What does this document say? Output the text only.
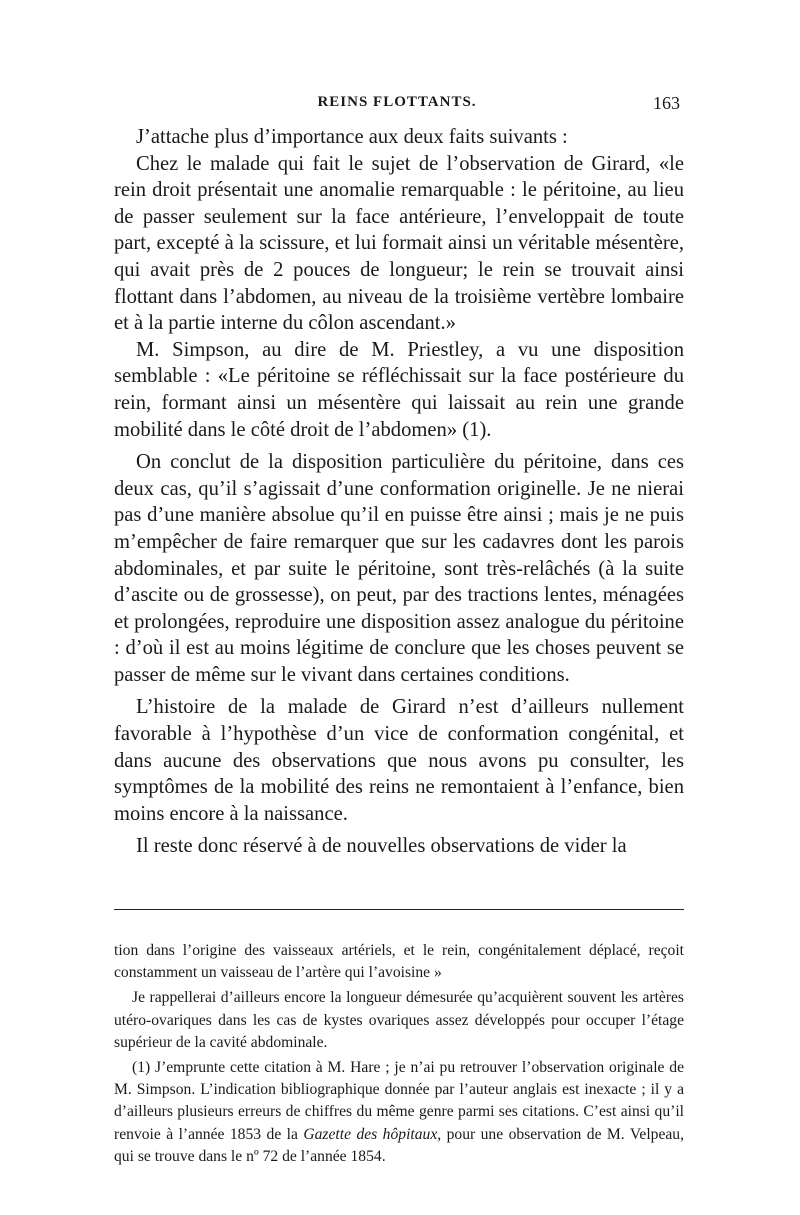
REINS FLOTTANTS.	163

J’attache plus d’importance aux deux faits suivants :

Chez le malade qui fait le sujet de l’observation de Girard, «le rein droit présentait une anomalie remarquable : le péritoine, au lieu de passer seulement sur la face antérieure, l’enveloppait de toute part, excepté à la scissure, et lui formait ainsi un véritable mésentère, qui avait près de 2 pouces de longueur; le rein se trouvait ainsi flottant dans l’abdomen, au niveau de la troisième vertèbre lombaire et à la partie interne du côlon ascendant.»

M. Simpson, au dire de M. Priestley, a vu une disposition semblable : «Le péritoine se réfléchissait sur la face postérieure du rein, formant ainsi un mésentère qui laissait au rein une grande mobilité dans le côté droit de l’abdomen» (1).

On conclut de la disposition particulière du péritoine, dans ces deux cas, qu’il s’agissait d’une conformation originelle. Je ne nierai pas d’une manière absolue qu’il en puisse être ainsi ; mais je ne puis m’empêcher de faire remarquer que sur les cadavres dont les parois abdominales, et par suite le péritoine, sont très-relâchés (à la suite d’ascite ou de grossesse), on peut, par des tractions lentes, ménagées et prolongées, reproduire une disposition assez analogue du péritoine : d’où il est au moins légitime de conclure que les choses peuvent se passer de même sur le vivant dans certaines conditions.

L’histoire de la malade de Girard n’est d’ailleurs nullement favorable à l’hypothèse d’un vice de conformation congénital, et dans aucune des observations que nous avons pu consulter, les symptômes de la mobilité des reins ne remontaient à l’enfance, bien moins encore à la naissance.

Il reste donc réservé à de nouvelles observations de vider la

tion dans l’origine des vaisseaux artériels, et le rein, congénitalement déplacé, reçoit constamment un vaisseau de l’artère qui l’avoisine »

Je rappellerai d’ailleurs encore la longueur démesurée qu’acquièrent souvent les artères utéro-ovariques dans les cas de kystes ovariques assez développés pour occuper l’étage supérieur de la cavité abdominale.

(1) J’emprunte cette citation à M. Hare ; je n’ai pu retrouver l’observation originale de M. Simpson. L’indication bibliographique donnée par l’auteur anglais est inexacte ; il y a d’ailleurs plusieurs erreurs de chiffres du même genre parmi ses citations. C’est ainsi qu’il renvoie à l’année 1853 de la Gazette des hôpitaux, pour une observation de M. Velpeau, qui se trouve dans le nº 72 de l’année 1854.
